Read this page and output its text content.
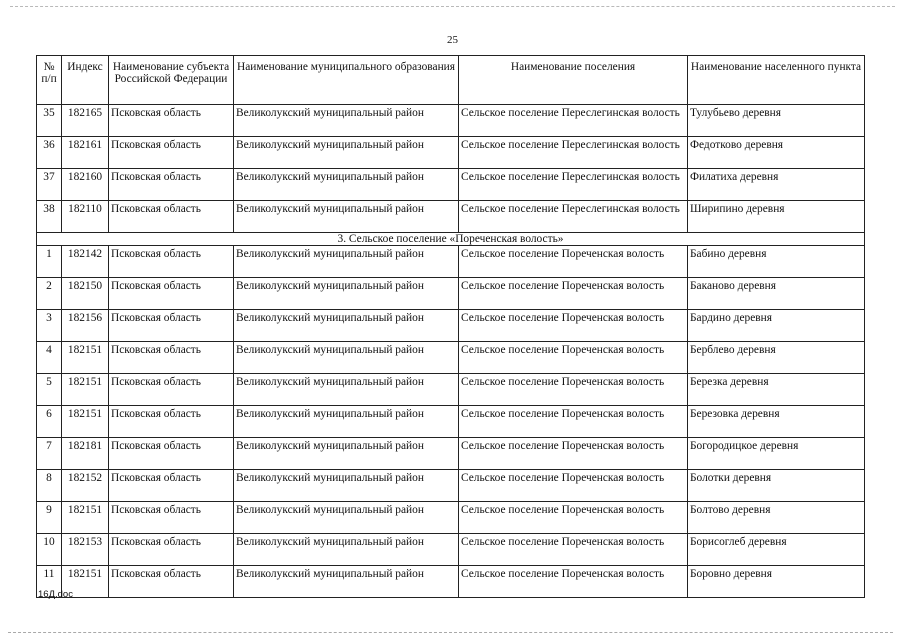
25
№ п/п	Индекс	Наименование субъекта Российской Федерации	Наименование муниципального образования	Наименование поселения	Наименование населенного пункта
35	182165	Псковская область	Великолукский муниципальный район	Сельское поселение Переслегинская волость	Тулубьево деревня
36	182161	Псковская область	Великолукский муниципальный район	Сельское поселение Переслегинская волость	Федотково деревня
37	182160	Псковская область	Великолукский муниципальный район	Сельское поселение Переслегинская волость	Филатиха деревня
38	182110	Псковская область	Великолукский муниципальный район	Сельское поселение Переслегинская волость	Ширипино деревня
3. Сельское поселение «Пореченская волость»					
1	182142	Псковская область	Великолукский муниципальный район	Сельское поселение Пореченская волость	Бабино деревня
2	182150	Псковская область	Великолукский муниципальный район	Сельское поселение Пореченская волость	Баканово деревня
3	182156	Псковская область	Великолукский муниципальный район	Сельское поселение Пореченская волость	Бардино деревня
4	182151	Псковская область	Великолукский муниципальный район	Сельское поселение Пореченская волость	Берблево деревня
5	182151	Псковская область	Великолукский муниципальный район	Сельское поселение Пореченская волость	Березка деревня
6	182151	Псковская область	Великолукский муниципальный район	Сельское поселение Пореченская волость	Березовка деревня
7	182181	Псковская область	Великолукский муниципальный район	Сельское поселение Пореченская волость	Богородицкое деревня
8	182152	Псковская область	Великолукский муниципальный район	Сельское поселение Пореченская волость	Болотки деревня
9	182151	Псковская область	Великолукский муниципальный район	Сельское поселение Пореченская волость	Болтово деревня
10	182153	Псковская область	Великолукский муниципальный район	Сельское поселение Пореченская волость	Борисоглеб деревня
11	182151	Псковская область	Великолукский муниципальный район	Сельское поселение Пореченская волость	Боровно деревня
16Д.doc
